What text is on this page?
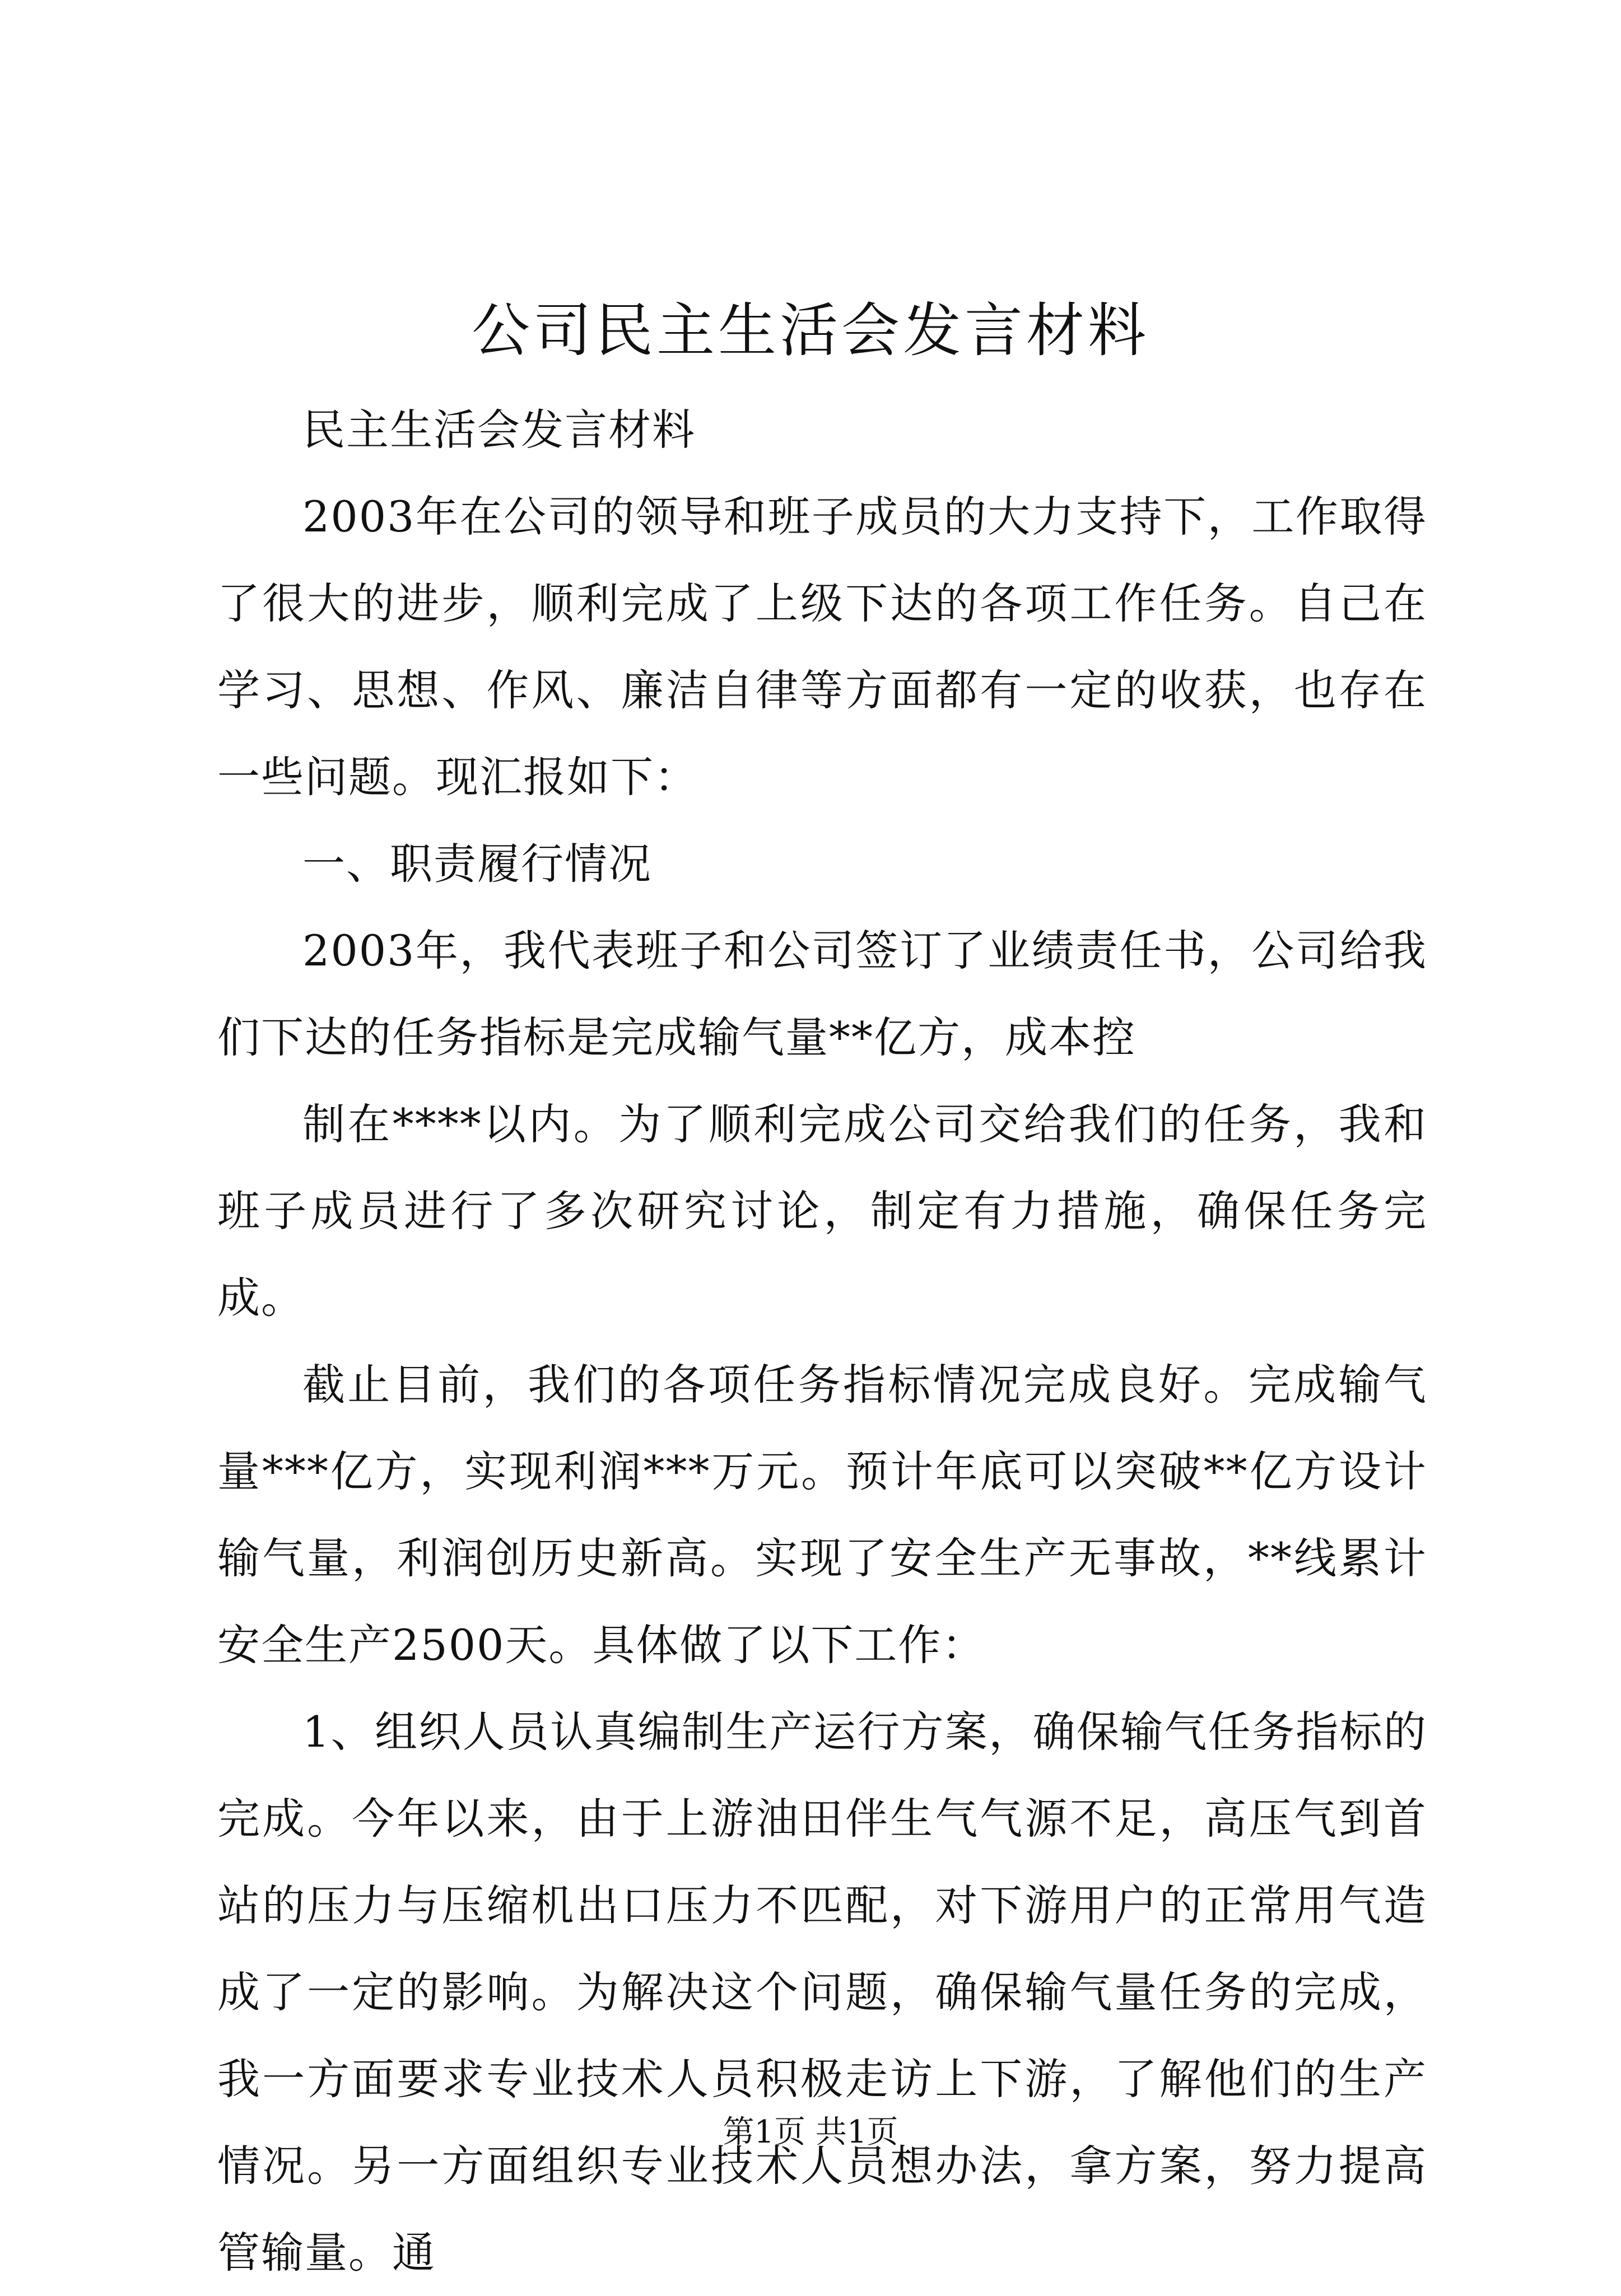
公司民主生活会发言材料

民主生活会发言材料

2003年在公司的领导和班子成员的大力支持下，工作取得了很大的进步，顺利完成了上级下达的各项工作任务。自己在学习、思想、作风、廉洁自律等方面都有一定的收获，也存在一些问题。现汇报如下：

一、职责履行情况

2003年，我代表班子和公司签订了业绩责任书，公司给我们下达的任务指标是完成输气量**亿方，成本控

制在****以内。为了顺利完成公司交给我们的任务，我和班子成员进行了多次研究讨论，制定有力措施，确保任务完成。

截止目前，我们的各项任务指标情况完成良好。完成输气量***亿方，实现利润***万元。预计年底可以突破**亿方设计输气量，利润创历史新高。实现了安全生产无事故，**线累计安全生产2500天。具体做了以下工作：

1、组织人员认真编制生产运行方案，确保输气任务指标的完成。今年以来，由于上游油田伴生气气源不足，高压气到首站的压力与压缩机出口压力不匹配，对下游用户的正常用气造成了一定的影响。为解决这个问题，确保输气量任务的完成，我一方面要求专业技术人员积极走访上下游，了解他们的生产情况。另一方面组织专业技术人员想办法，拿方案，努力提高管输量。通

第1页 共1页
